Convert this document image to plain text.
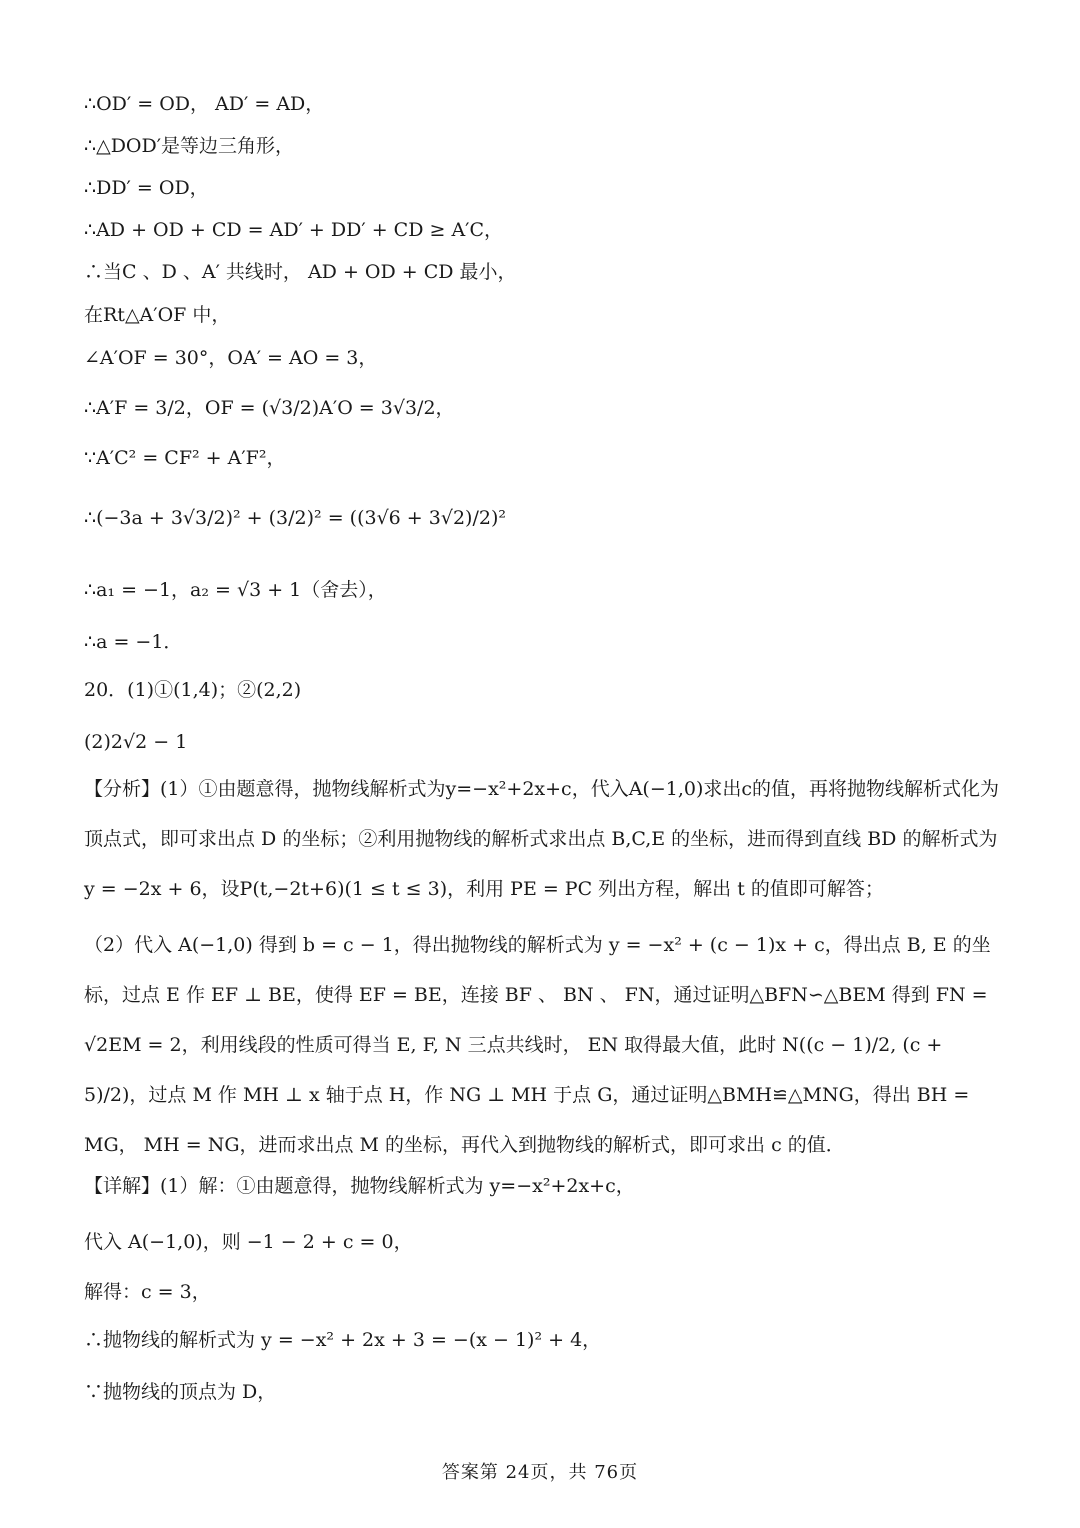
∴OD′ = OD， AD′ = AD，
∴△DOD′是等边三角形，
∴DD′ = OD，
∴AD + OD + CD = AD′ + DD′ + CD ≥ A′C，
∴当C 、D 、A′ 共线时， AD + OD + CD 最小，
在Rt△A′OF 中，
∠A′OF = 30°，OA′ = AO = 3，
∴A′F = 3/2，OF = (√3/2)A′O = 3√3/2，
∵A′C² = CF² + A′F²，
∴(−3a + 3√3/2)² + (3/2)² = ((3√6 + 3√2)/2)²
∴a₁ = −1，a₂ = √3 + 1（舍去），
∴a = −1．
20．(1)①(1,4)；②(2,2)
(2)2√2 − 1
【分析】(1）①由题意得，抛物线解析式为y=−x²+2x+c，代入A(−1,0)求出c的值，再将抛物线解析式化为顶点式，即可求出点 D 的坐标；②利用抛物线的解析式求出点 B,C,E 的坐标，进而得到直线 BD 的解析式为 y = −2x + 6，设P(t,−2t+6)(1 ≤ t ≤ 3)，利用 PE = PC 列出方程，解出 t 的值即可解答；
（2）代入 A(−1,0) 得到 b = c − 1，得出抛物线的解析式为 y = −x² + (c − 1)x + c，得出点 B, E 的坐标，过点 E 作 EF ⊥ BE，使得 EF = BE，连接 BF 、 BN 、 FN，通过证明△BFN∽△BEM 得到 FN = √2EM = 2，利用线段的性质可得当 E, F, N 三点共线时， EN 取得最大值，此时 N((c − 1)/2, (c + 5)/2)，过点 M 作 MH ⊥ x 轴于点 H，作 NG ⊥ MH 于点 G，通过证明△BMH≌△MNG，得出 BH = MG， MH = NG，进而求出点 M 的坐标，再代入到抛物线的解析式，即可求出 c 的值．
【详解】(1）解：①由题意得，抛物线解析式为 y=−x²+2x+c，
代入 A(−1,0)，则 −1 − 2 + c = 0，
解得：c = 3，
∴抛物线的解析式为 y = −x² + 2x + 3 = −(x − 1)² + 4，
∵抛物线的顶点为 D，
答案第 24页，共 76页
